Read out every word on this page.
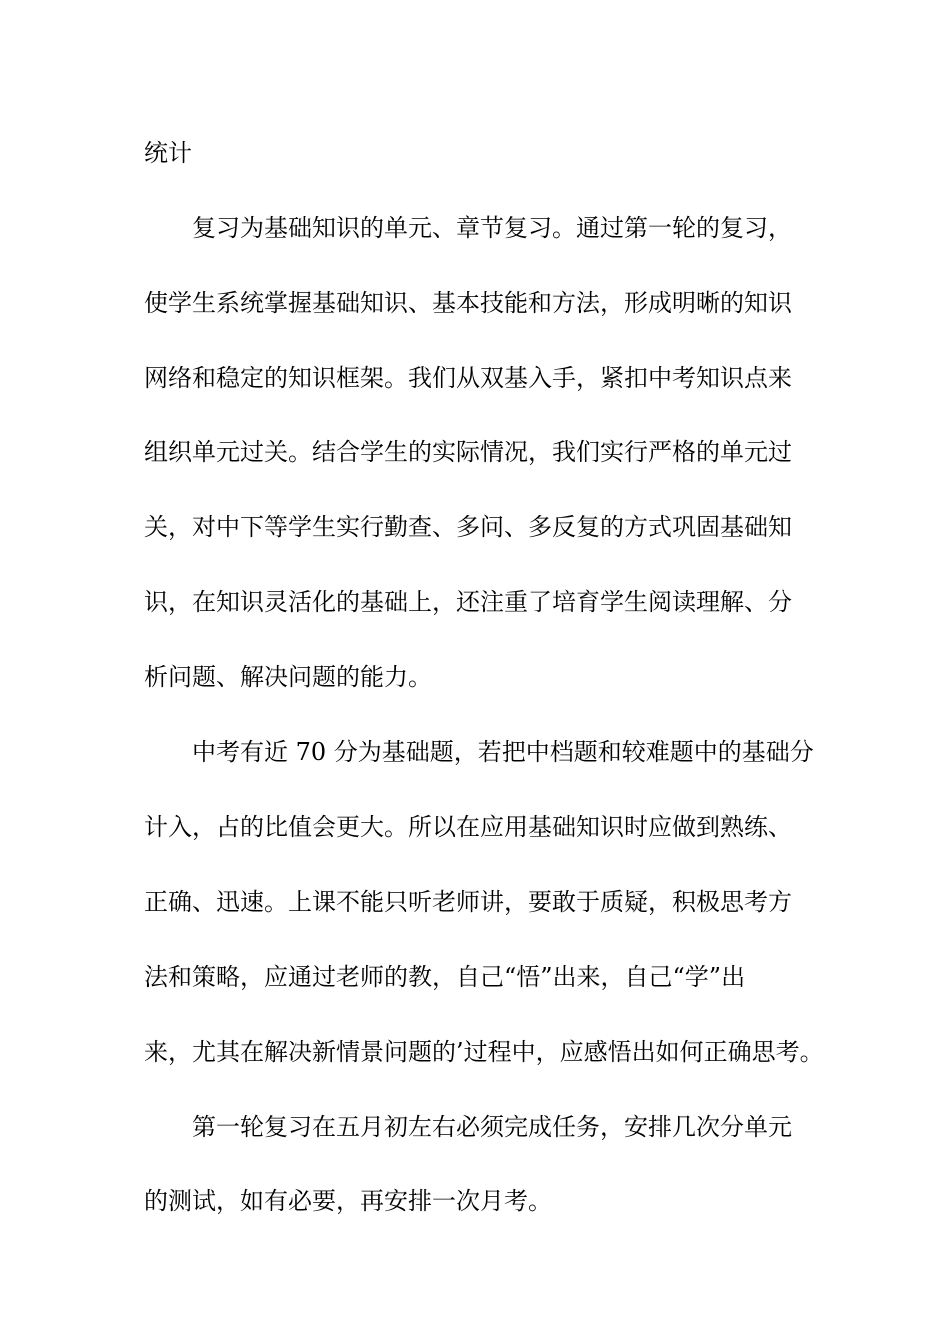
统计

复习为基础知识的单元、章节复习。通过第一轮的复习，

使学生系统掌握基础知识、基本技能和方法，形成明晰的知识

网络和稳定的知识框架。我们从双基入手，紧扣中考知识点来

组织单元过关。结合学生的实际情况，我们实行严格的单元过

关，对中下等学生实行勤查、多问、多反复的方式巩固基础知

识，在知识灵活化的基础上，还注重了培育学生阅读理解、分

析问题、解决问题的能力。

中考有近 70 分为基础题，若把中档题和较难题中的基础分

计入，占的比值会更大。所以在应用基础知识时应做到熟练、

正确、迅速。上课不能只听老师讲，要敢于质疑，积极思考方

法和策略，应通过老师的教，自己“悟”出来，自己“学”出

来，尤其在解决新情景问题的’过程中，应感悟出如何正确思考。

第一轮复习在五月初左右必须完成任务，安排几次分单元

的测试，如有必要，再安排一次月考。
